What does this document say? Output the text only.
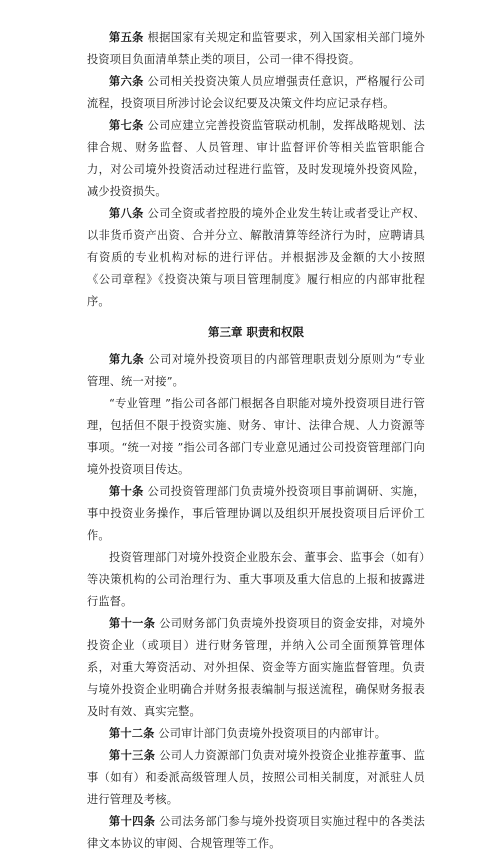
第五条 根据国家有关规定和监管要求，列入国家相关部门境外投资项目负面清单禁止类的项目，公司一律不得投资。

第六条 公司相关投资决策人员应增强责任意识，严格履行公司流程，投资项目所涉讨论会议纪要及决策文件均应记录存档。

第七条 公司应建立完善投资监管联动机制，发挥战略规划、法律合规、财务监督、人员管理、审计监督评价等相关监管职能合力，对公司境外投资活动过程进行监管，及时发现境外投资风险，减少投资损失。

第八条 公司全资或者控股的境外企业发生转让或者受让产权、以非货币资产出资、合并分立、解散清算等经济行为时，应聘请具有资质的专业机构对标的进行评估。并根据涉及金额的大小按照《公司章程》《投资决策与项目管理制度》履行相应的内部审批程序。

第三章 职责和权限

第九条 公司对境外投资项目的内部管理职责划分原则为“专业管理、统一对接”。

“专业管理 ”指公司各部门根据各自职能对境外投资项目进行管理，包括但不限于投资实施、财务、审计、法律合规、人力资源等事项。“统一对接 ”指公司各部门专业意见通过公司投资管理部门向境外投资项目传达。

第十条 公司投资管理部门负责境外投资项目事前调研、实施，事中投资业务操作，事后管理协调以及组织开展投资项目后评价工作。

投资管理部门对境外投资企业股东会、董事会、监事会（如有）等决策机构的公司治理行为、重大事项及重大信息的上报和披露进行监督。

第十一条 公司财务部门负责境外投资项目的资金安排，对境外投资企业（或项目）进行财务管理，并纳入公司全面预算管理体系，对重大筹资活动、对外担保、资金等方面实施监督管理。负责与境外投资企业明确合并财务报表编制与报送流程，确保财务报表及时有效、真实完整。

第十二条 公司审计部门负责境外投资项目的内部审计。

第十三条 公司人力资源部门负责对境外投资企业推荐董事、监事（如有）和委派高级管理人员，按照公司相关制度，对派驻人员进行管理及考核。

第十四条 公司法务部门参与境外投资项目实施过程中的各类法律文本协议的审阅、合规管理等工作。
